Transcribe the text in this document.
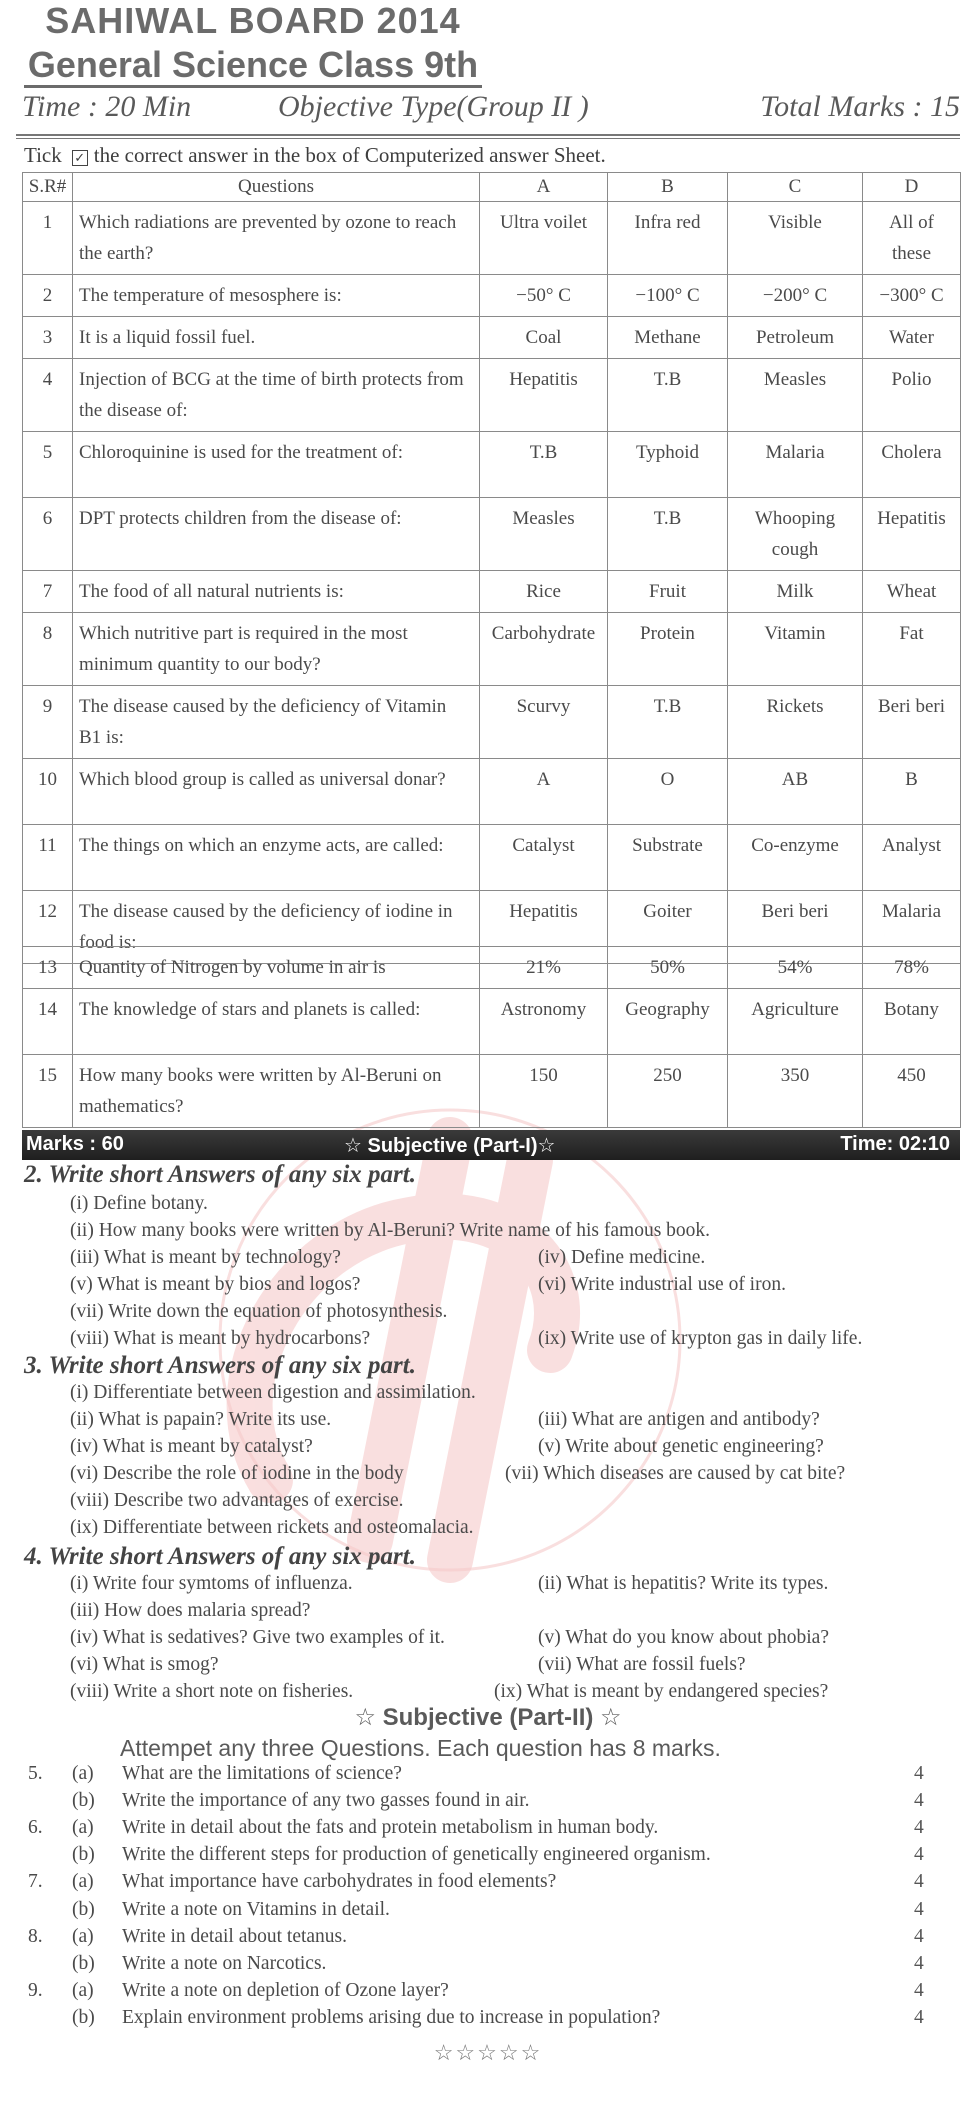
SAHIWAL BOARD 2014
General Science Class 9th
Time : 20 Min	Objective Type(Group II )	Total Marks : 15
Tick ✓ the correct answer in the box of Computerized answer Sheet.
S.R#	Questions	A	B	C	D
1	Which radiations are prevented by ozone to reach the earth?	Ultra voilet	Infra red	Visible	All of these
2	The temperature of mesosphere is:	−50° C	−100° C	−200° C	−300° C
3	It is a liquid fossil fuel.	Coal	Methane	Petroleum	Water
4	Injection of BCG at the time of birth protects from the disease of:	Hepatitis	T.B	Measles	Polio
5	Chloroquinine is used for the treatment of:	T.B	Typhoid	Malaria	Cholera
6	DPT protects children from the disease of:	Measles	T.B	Whooping cough	Hepatitis
7	The food of all natural nutrients is:	Rice	Fruit	Milk	Wheat
8	Which nutritive part is required in the most minimum quantity to our body?	Carbohydrate	Protein	Vitamin	Fat
9	The disease caused by the deficiency of Vitamin B1 is:	Scurvy	T.B	Rickets	Beri beri
10	Which blood group is called as universal donar?	A	O	AB	B
11	The things on which an enzyme acts, are called:	Catalyst	Substrate	Co-enzyme	Analyst
12	The disease caused by the deficiency of iodine in food is:	Hepatitis	Goiter	Beri beri	Malaria
13	Quantity of Nitrogen by volume in air is	21%	50%	54%	78%
14	The knowledge of stars and planets is called:	Astronomy	Geography	Agriculture	Botany
15	How many books were written by Al-Beruni on mathematics?	150	250	350	450
Marks : 60	☆ Subjective (Part-I)☆	Time: 02:10
2. Write short Answers of any six part.
(i) Define botany.
(ii) How many books were written by Al-Beruni? Write name of his famous book.
(iii) What is meant by technology?	(iv) Define medicine.
(v) What is meant by bios and logos?	(vi) Write industrial use of iron.
(vii) Write down the equation of photosynthesis.
(viii) What is meant by hydrocarbons?	(ix) Write use of krypton gas in daily life.
3. Write short Answers of any six part.
(i) Differentiate between digestion and assimilation.
(ii) What is papain? Write its use.	(iii) What are antigen and antibody?
(iv) What is meant by catalyst?	(v) Write about genetic engineering?
(vi) Describe the role of iodine in the body	(vii) Which diseases are caused by cat bite?
(viii) Describe two advantages of exercise.
(ix) Differentiate between rickets and osteomalacia.
4. Write short Answers of any six part.
(i) Write four symtoms of influenza.	(ii) What is hepatitis? Write its types.
(iii) How does malaria spread?
(iv) What is sedatives? Give two examples of it.	(v) What do you know about phobia?
(vi) What is smog?	(vii) What are fossil fuels?
(viii) Write a short note on fisheries.	(ix) What is meant by endangered species?
☆ Subjective (Part-II) ☆
Attempet any three Questions. Each question has 8 marks.
5. (a) What are the limitations of science?	4
(b) Write the importance of any two gasses found in air.	4
6. (a) Write in detail about the fats and protein metabolism in human body.	4
(b) Write the different steps for production of genetically engineered organism.	4
7. (a) What importance have carbohydrates in food elements?	4
(b) Write a note on Vitamins in detail.	4
8. (a) Write in detail about tetanus.	4
(b) Write a note on Narcotics.	4
9. (a) Write a note on depletion of Ozone layer?	4
(b) Explain environment problems arising due to increase in population?	4
☆☆☆☆☆
